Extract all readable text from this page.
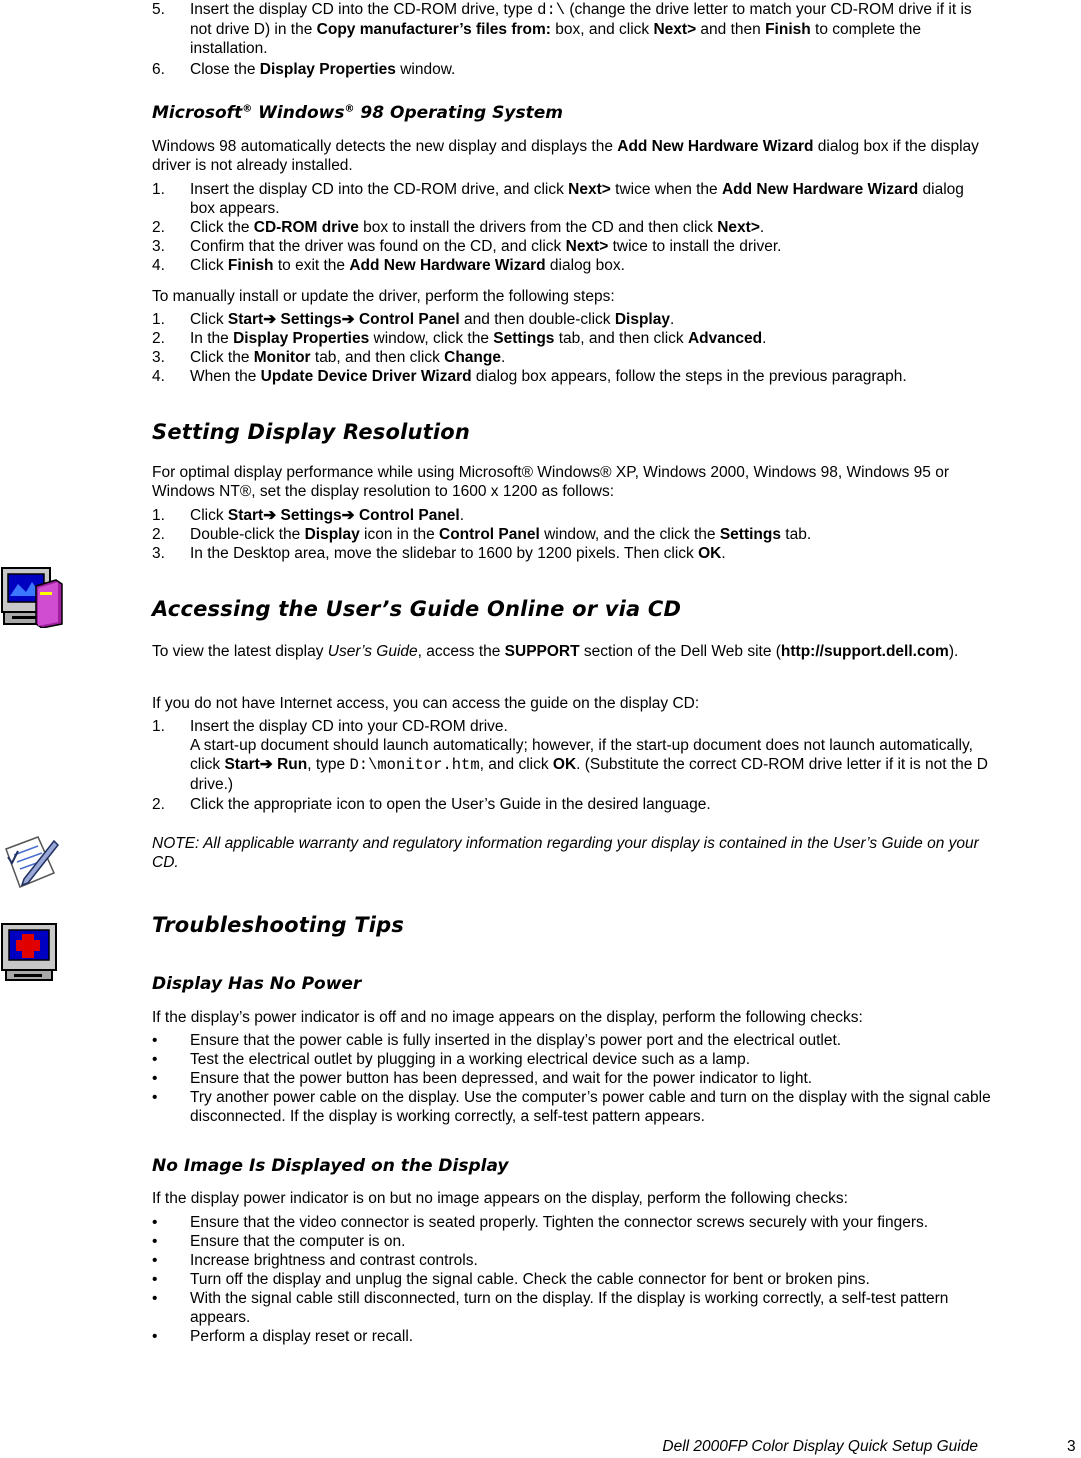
5. Insert the display CD into the CD-ROM drive, type d:\ (change the drive letter to match your CD-ROM drive if it is not drive D) in the Copy manufacturer’s files from: box, and click Next> and then Finish to complete the installation.
6. Close the Display Properties window.
Microsoft® Windows® 98 Operating System

Windows 98 automatically detects the new display and displays the Add New Hardware Wizard dialog box if the display driver is not already installed.

1. Insert the display CD into the CD-ROM drive, and click Next> twice when the Add New Hardware Wizard dialog box appears.
2. Click the CD-ROM drive box to install the drivers from the CD and then click Next>.
3. Confirm that the driver was found on the CD, and click Next> twice to install the driver.
4. Click Finish to exit the Add New Hardware Wizard dialog box.

To manually install or update the driver, perform the following steps:

1. Click Start➔ Settings➔ Control Panel and then double-click Display.
2. In the Display Properties window, click the Settings tab, and then click Advanced.
3. Click the Monitor tab, and then click Change.
4. When the Update Device Driver Wizard dialog box appears, follow the steps in the previous paragraph.
Setting Display Resolution

For optimal display performance while using Microsoft® Windows® XP, Windows 2000, Windows 98, Windows 95 or Windows NT®, set the display resolution to 1600 x 1200 as follows:

1. Click Start➔ Settings➔ Control Panel.
2. Double-click the Display icon in the Control Panel window, and the click the Settings tab.
3. In the Desktop area, move the slidebar to 1600 by 1200 pixels. Then click OK.
Accessing the User’s Guide Online or via CD

To view the latest display User’s Guide, access the SUPPORT section of the Dell Web site (http://support.dell.com).

If you do not have Internet access, you can access the guide on the display CD:

1. Insert the display CD into your CD-ROM drive.
A start-up document should launch automatically; however, if the start-up document does not launch automatically, click Start➔ Run, type D:\monitor.htm, and click OK. (Substitute the correct CD-ROM drive letter if it is not the D drive.)
2. Click the appropriate icon to open the User’s Guide in the desired language.

NOTE: All applicable warranty and regulatory information regarding your display is contained in the User’s Guide on your CD.

Troubleshooting Tips
Display Has No Power

If the display’s power indicator is off and no image appears on the display, perform the following checks:

• Ensure that the power cable is fully inserted in the display’s power port and the electrical outlet.
• Test the electrical outlet by plugging in a working electrical device such as a lamp.
• Ensure that the power button has been depressed, and wait for the power indicator to light.
• Try another power cable on the display. Use the computer’s power cable and turn on the display with the signal cable disconnected. If the display is working correctly, a self-test pattern appears.
No Image Is Displayed on the Display

If the display power indicator is on but no image appears on the display, perform the following checks:

• Ensure that the video connector is seated properly. Tighten the connector screws securely with your fingers.
• Ensure that the computer is on.
• Increase brightness and contrast controls.
• Turn off the display and unplug the signal cable. Check the cable connector for bent or broken pins.
• With the signal cable still disconnected, turn on the display. If the display is working correctly, a self-test pattern appears.
• Perform a display reset or recall.
Dell 2000FP Color Display Quick Setup Guide	3
